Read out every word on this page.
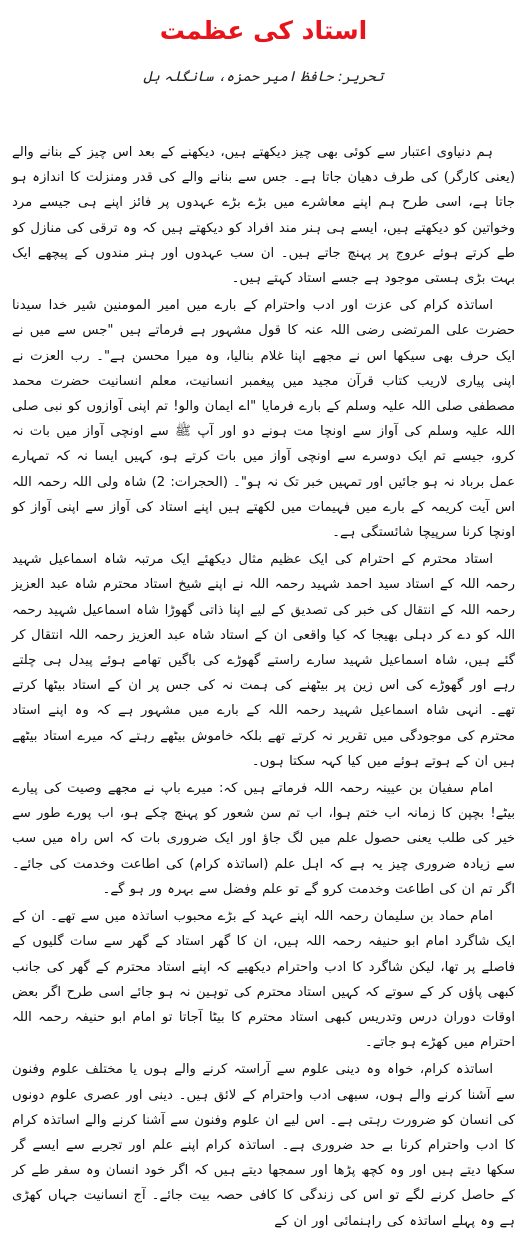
استاد کی عظمت
تحریر: حافظ امیر حمزہ، سانگلہ ہل

ہم دنیاوی اعتبار سے کوئی بھی چیز دیکھتے ہیں، دیکھنے کے بعد اس چیز کے بنانے والے (یعنی کارگر) کی طرف دھیان جاتا ہے۔ جس سے بنانے والے کی قدر ومنزلت کا اندازہ ہو جاتا ہے، اسی طرح ہم اپنے معاشرے میں بڑے بڑے عہدوں پر فائز اپنے ہی جیسے مرد وخواتین کو دیکھتے ہیں، ایسے ہی ہنر مند افراد کو دیکھتے ہیں کہ وہ ترقی کی منازل کو طے کرتے ہوئے عروج پر پہنچ جاتے ہیں۔ ان سب عہدوں اور ہنر مندوں کے پیچھے ایک بہت بڑی ہستی موجود ہے جسے استاد کہتے ہیں۔

اساتذہ کرام کی عزت اور ادب واحترام کے بارے میں امیر المومنین شیر خدا سیدنا حضرت علی المرتضی رضی اللہ عنہ کا قول مشہور ہے فرماتے ہیں "جس سے میں نے ایک حرف بھی سیکھا اس نے مجھے اپنا غلام بنالیا، وہ میرا محسن ہے"۔ رب العزت نے اپنی پیاری لاریب کتاب قرآن مجید میں پیغمبر انسانیت، معلم انسانیت حضرت محمد مصطفی صلی اللہ علیہ وسلم کے بارے فرمایا "اے ایمان والو! تم اپنی آوازوں کو نبی صلی اللہ علیہ وسلم کی آواز سے اونچا مت ہونے دو اور آپ ﷺ سے اونچی آواز میں بات نہ کرو، جیسے تم ایک دوسرے سے اونچی آواز میں بات کرتے ہو، کہیں ایسا نہ کہ تمہارے عمل برباد نہ ہو جائیں اور تمہیں خبر تک نہ ہو"۔ (الحجرات: 2) شاہ ولی اللہ رحمہ اللہ اس آیت کریمہ کے بارے میں فہیمات میں لکھتے ہیں اپنے استاد کی آواز سے اپنی آواز کو اونچا کرنا سرپیچا شائستگی ہے۔

استاد محترم کے احترام کی ایک عظیم مثال دیکھئے ایک مرتبہ شاہ اسماعیل شہید رحمہ اللہ کے استاد سید احمد شہید رحمہ اللہ نے اپنے شیخ استاد محترم شاہ عبد العزیز رحمہ اللہ کے انتقال کی خبر کی تصدیق کے لیے اپنا ذاتی گھوڑا شاہ اسماعیل شہید رحمہ اللہ کو دے کر دہلی بھیجا کہ کیا واقعی ان کے استاد شاہ عبد العزیز رحمہ اللہ انتقال کر گئے ہیں، شاہ اسماعیل شہید سارے راستے گھوڑے کی باگیں تھامے ہوئے پیدل ہی چلتے رہے اور گھوڑے کی اس زین پر بیٹھنے کی ہمت نہ کی جس پر ان کے استاد بیٹھا کرتے تھے۔ انہی شاہ اسماعیل شہید رحمہ اللہ کے بارے میں مشہور ہے کہ وہ اپنے استاد محترم کی موجودگی میں تقریر نہ کرتے تھے بلکہ خاموش بیٹھے رہتے کہ میرے استاد بیٹھے ہیں ان کے ہوتے ہوئے میں کیا کہہ سکتا ہوں۔

امام سفیان بن عیینہ رحمہ اللہ فرماتے ہیں کہ: میرے باپ نے مجھے وصیت کی پیارے بیٹے! بچپن کا زمانہ اب ختم ہوا، اب تم سن شعور کو پہنچ چکے ہو، اب پورے طور سے خیر کی طلب یعنی حصول علم میں لگ جاؤ اور ایک ضروری بات کہ اس راہ میں سب سے زیادہ ضروری چیز یہ ہے کہ اہل علم (اساتذہ کرام) کی اطاعت وخدمت کی جائے۔ اگر تم ان کی اطاعت وخدمت کرو گے تو علم وفضل سے بہرہ ور ہو گے۔

امام حماد بن سلیمان رحمہ اللہ اپنے عہد کے بڑے محبوب اساتذہ میں سے تھے۔ ان کے ایک شاگرد امام ابو حنیفہ رحمہ اللہ ہیں، ان کا گھر استاد کے گھر سے سات گلیوں کے فاصلے پر تھا، لیکن شاگرد کا ادب واحترام دیکھیے کہ اپنے استاد محترم کے گھر کی جانب کبھی پاؤں کر کے سوتے کہ کہیں استاد محترم کی توہین نہ ہو جائے اسی طرح اگر بعض اوقات دوران درس وتدریس کبھی استاد محترم کا بیٹا آجاتا تو امام ابو حنیفہ رحمہ اللہ احترام میں کھڑے ہو جاتے۔

اساتذہ کرام، خواہ وہ دینی علوم سے آراستہ کرنے والے ہوں یا مختلف علوم وفنون سے آشنا کرنے والے ہوں، سبھی ادب واحترام کے لائق ہیں۔ دینی اور عصری علوم دونوں کی انسان کو ضرورت رہتی ہے۔ اس لیے ان علوم وفنون سے آشنا کرنے والے اساتذہ کرام کا ادب واحترام کرنا بے حد ضروری ہے۔ اساتذہ کرام اپنے علم اور تجربے سے ایسے گر سکھا دیتے ہیں اور وہ کچھ پڑھا اور سمجھا دیتے ہیں کہ اگر خود انسان وہ سفر طے کر کے حاصل کرنے لگے تو اس کی زندگی کا کافی حصہ بیت جائے۔ آج انسانیت جہاں کھڑی ہے وہ پہلے اساتذہ کی راہنمائی اور ان کے
